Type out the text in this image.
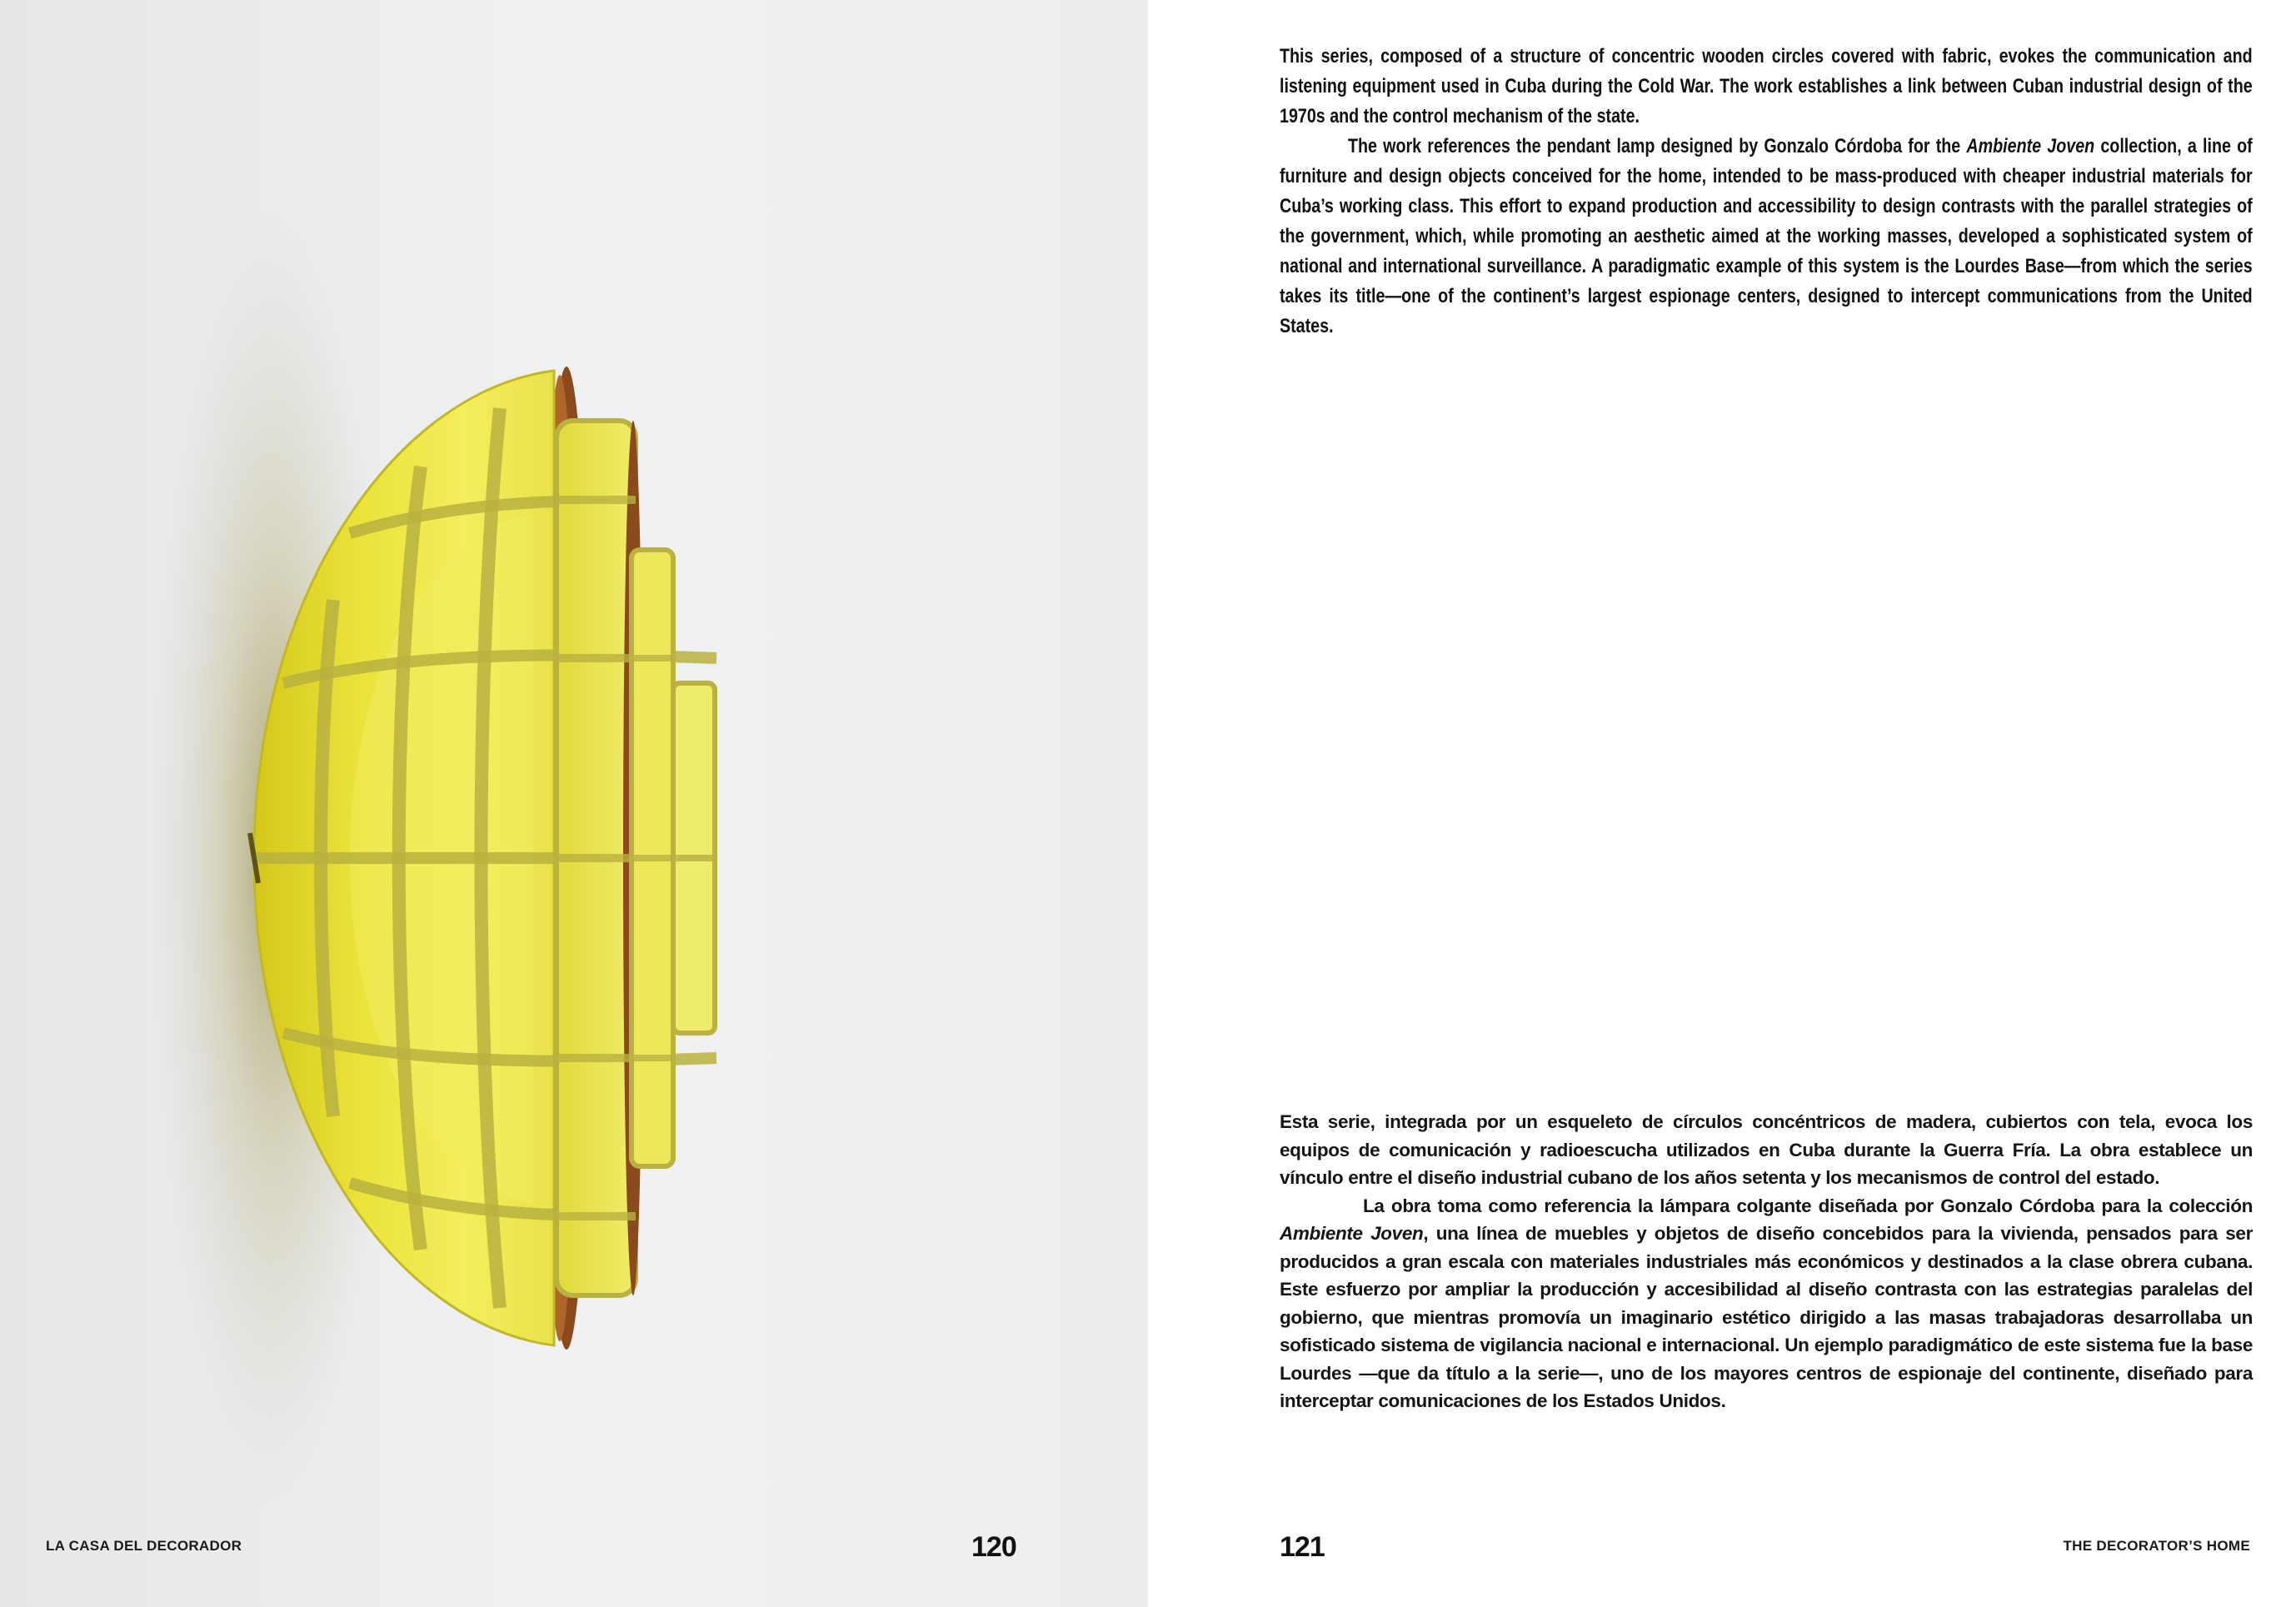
LA CASA DEL DECORADOR	120

This series, composed of a structure of concentric wooden circles covered with fabric, evokes the communication and listening equipment used in Cuba during the Cold War. The work establishes a link between Cuban industrial design of the 1970s and the control mechanism of the state.

The work references the pendant lamp designed by Gonzalo Córdoba for the Ambiente Joven collection, a line of furniture and design objects conceived for the home, intended to be mass-produced with cheaper industrial materials for Cuba’s working class. This effort to expand production and accessibility to design contrasts with the parallel strategies of the government, which, while promoting an aesthetic aimed at the working masses, developed a sophisticated system of national and international surveillance. A paradigmatic example of this system is the Lourdes Base—from which the series takes its title—one of the continent’s largest espionage centers, designed to intercept communications from the United States.

Esta serie, integrada por un esqueleto de círculos concéntricos de madera, cubiertos con tela, evoca los equipos de comunicación y radioescucha utilizados en Cuba durante la Guerra Fría. La obra establece un vínculo entre el diseño industrial cubano de los años setenta y los mecanismos de control del estado.

La obra toma como referencia la lámpara colgante diseñada por Gonzalo Córdoba para la colección Ambiente Joven, una línea de muebles y objetos de diseño concebidos para la vivienda, pensados para ser producidos a gran escala con materiales industriales más económicos y destinados a la clase obrera cubana. Este esfuerzo por ampliar la producción y accesibilidad al diseño contrasta con las estrategias paralelas del gobierno, que mientras promovía un imaginario estético dirigido a las masas trabajadoras desarrollaba un sofisticado sistema de vigilancia nacional e internacional. Un ejemplo paradigmático de este sistema fue la base Lourdes —que da título a la serie—, uno de los mayores centros de espionaje del continente, diseñado para interceptar comunicaciones de los Estados Unidos.

121	THE DECORATOR’S HOME
